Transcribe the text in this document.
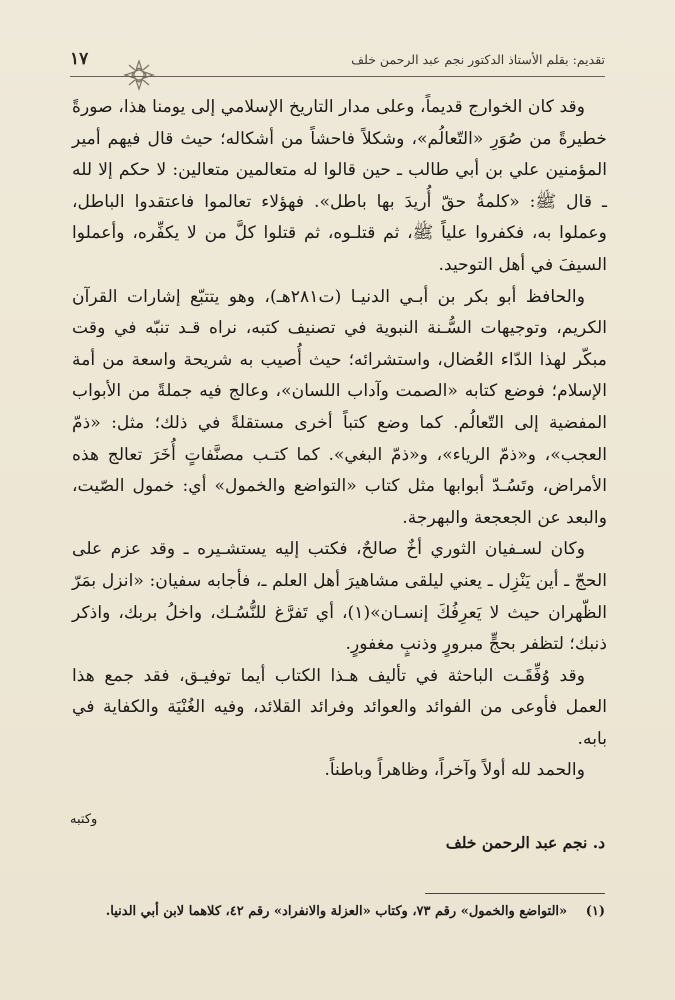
تقديم: بقلم الأستاذ الدكتور نجم عبد الرحمن خلف
١٧

وقد كان الخوارج قديماً، وعلى مدار التاريخ الإسلامي إلى يومنا هذا، صورةً خطيرةً من صُوَرِ «التّعالُم»، وشكلاً فاحشاً من أشكاله؛ حيث قال فيهم أمير المؤمنين علي بن أبي طالب ـ حين قالوا له متعالمين متعالين: لا حكم إلا لله ـ قال ﷺ: «كلمةُ حقّ أُريدَ بها باطل». فهؤلاء تعالموا فاعتقدوا الباطل، وعملوا به، فكفروا علياً ﷺ، ثم قتلـوه، ثم قتلوا كلَّ من لا يكفِّره، وأعملوا السيفَ في أهل التوحيد.

والحافظ أبو بكر بن أبـي الدنيـا (ت٢٨١هـ)، وهو يتتبّع إشارات القرآن الكريم، وتوجيهات السُّـنة النبوية في تصنيف كتبه، نراه قـد تنبّه في وقت مبكّر لهذا الدّاء العُضال، واستشرائه؛ حيث أُصيب به شريحة واسعة من أمة الإسلام؛ فوضع كتابه «الصمت وآداب اللسان»، وعالج فيه جملةً من الأبواب المفضية إلى التّعالُم. كما وضع كتباً أخرى مستقلةً في ذلك؛ مثل: «ذمّ العجب»، و«ذمّ الرياء»، و«ذمّ البغي». كما كتـب مصنَّفاتٍ أُخَرَ تعالج هذه الأمراض، وتَسُـدّ أبوابها مثل كتاب «التواضع والخمول» أي: خمول الصّيت، والبعد عن الجعجعة والبهرجة.

وكان لسـفيان الثوري أخٌ صالحٌ، فكتب إليه يستشـيره ـ وقد عزم على الحجّ ـ أين يَنْزِل ـ يعني ليلقى مشاهيرَ أهل العلم ـ، فأجابه سفيان: «انزل بمَرّ الظّهران حيث لا يَعرِفُكَ إنسـان»(١)، أي تَفرَّغ للنُّسُـك، واخلُ بربك، واذكر ذنبك؛ لتظفر بحجٍّ مبرورٍ وذنبٍ مغفورٍ.

وقد وُفِّقَـت الباحثة في تأليف هـذا الكتاب أيما توفيـق، فقد جمع هذا العمل فأوعى من الفوائد والعوائد وفرائد القلائد، وفيه الغُنْيَة والكفاية في بابه.

والحمد لله أولاً وآخراً، وظاهراً وباطناً.

وكتبه
د. نجم عبد الرحمن خلف
(١) «التواضع والخمول» رقم ٧٣، وكتاب «العزلة والانفراد» رقم ٤٢، كلاهما لابن أبي الدنيا.
